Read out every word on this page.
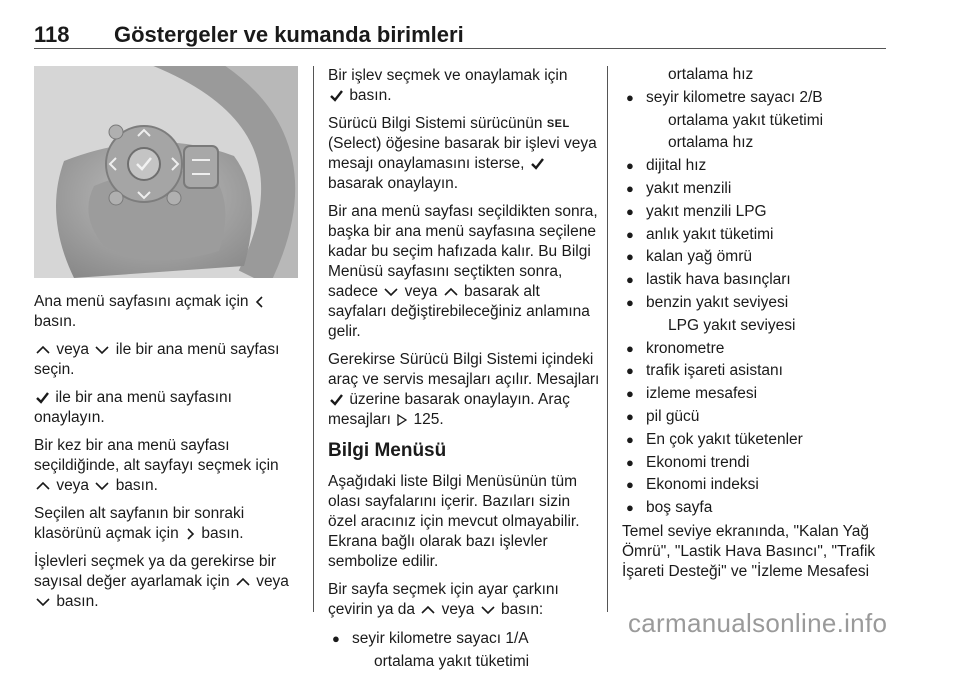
118 Göstergeler ve kumanda birimleri

Ana menü sayfasını açmak için
basın.

veya ile bir ana menü sayfası seçin.

ile bir ana menü sayfasını onaylayın.

Bir kez bir ana menü sayfası seçildiğinde, alt sayfayı seçmek için
veya basın.

Seçilen alt sayfanın bir sonraki klasörünü açmak için basın.

İşlevleri seçmek ya da gerekirse bir sayısal değer ayarlamak için veya
basın.

Bir işlev seçmek ve onaylamak için
basın.

Sürücü Bilgi Sistemi sürücünün SEL (Select) öğesine basarak bir işlevi veya mesajı onaylamasını isterse,  basarak onaylayın.

Bir ana menü sayfası seçildikten sonra, başka bir ana menü sayfasına seçilene kadar bu seçim hafızada kalır. Bu Bilgi Menüsü sayfasını seçtikten sonra, sadece veya basarak alt sayfaları değiştirebileceğiniz anlamına gelir.

Gerekirse Sürücü Bilgi Sistemi içindeki araç ve servis mesajları açılır. Mesajları  üzerine basarak onaylayın. Araç mesajları 125.

Bilgi Menüsü

Aşağıdaki liste Bilgi Menüsünün tüm olası sayfalarını içerir. Bazıları sizin özel aracınız için mevcut olmayabilir. Ekrana bağlı olarak bazı işlevler sembolize edilir.

Bir sayfa seçmek için ayar çarkını çevirin ya da veya basın:

● seyir kilometre sayacı 1/A
ortalama yakıt tüketimi
ortalama hız
● seyir kilometre sayacı 2/B
ortalama yakıt tüketimi
ortalama hız
● dijital hız
● yakıt menzili
● yakıt menzili LPG
● anlık yakıt tüketimi
● kalan yağ ömrü
● lastik hava basınçları
● benzin yakıt seviyesi
LPG yakıt seviyesi
● kronometre
● trafik işareti asistanı
● izleme mesafesi
● pil gücü
● En çok yakıt tüketenler
● Ekonomi trendi
● Ekonomi indeksi
● boş sayfa

Temel seviye ekranında, "Kalan Yağ Ömrü", "Lastik Hava Basıncı", "Trafik İşareti Desteği" ve "İzleme Mesafesi

carmanualsonline.info
